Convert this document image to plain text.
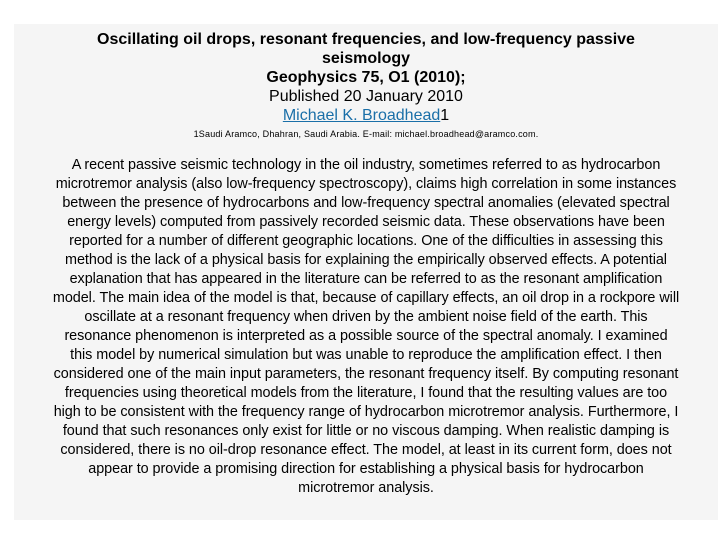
Oscillating oil drops, resonant frequencies, and low-frequency passive
seismology

Geophysics 75, O1 (2010);

Published 20 January 2010

Michael K. Broadhead1

1Saudi Aramco, Dhahran, Saudi Arabia. E-mail: michael.broadhead@aramco.com.

A recent passive seismic technology in the oil industry, sometimes referred to as hydrocarbon
microtremor analysis (also low-frequency spectroscopy), claims high correlation in some instances
between the presence of hydrocarbons and low-frequency spectral anomalies (elevated spectral
energy levels) computed from passively recorded seismic data. These observations have been
reported for a number of different geographic locations. One of the difficulties in assessing this
method is the lack of a physical basis for explaining the empirically observed effects. A potential
explanation that has appeared in the literature can be referred to as the resonant amplification
model. The main idea of the model is that, because of capillary effects, an oil drop in a rockpore will
oscillate at a resonant frequency when driven by the ambient noise field of the earth. This
resonance phenomenon is interpreted as a possible source of the spectral anomaly. I examined
this model by numerical simulation but was unable to reproduce the amplification effect. I then
considered one of the main input parameters, the resonant frequency itself. By computing resonant
frequencies using theoretical models from the literature, I found that the resulting values are too
high to be consistent with the frequency range of hydrocarbon microtremor analysis. Furthermore, I
found that such resonances only exist for little or no viscous damping. When realistic damping is
considered, there is no oil-drop resonance effect. The model, at least in its current form, does not
appear to provide a promising direction for establishing a physical basis for hydrocarbon
microtremor analysis.
